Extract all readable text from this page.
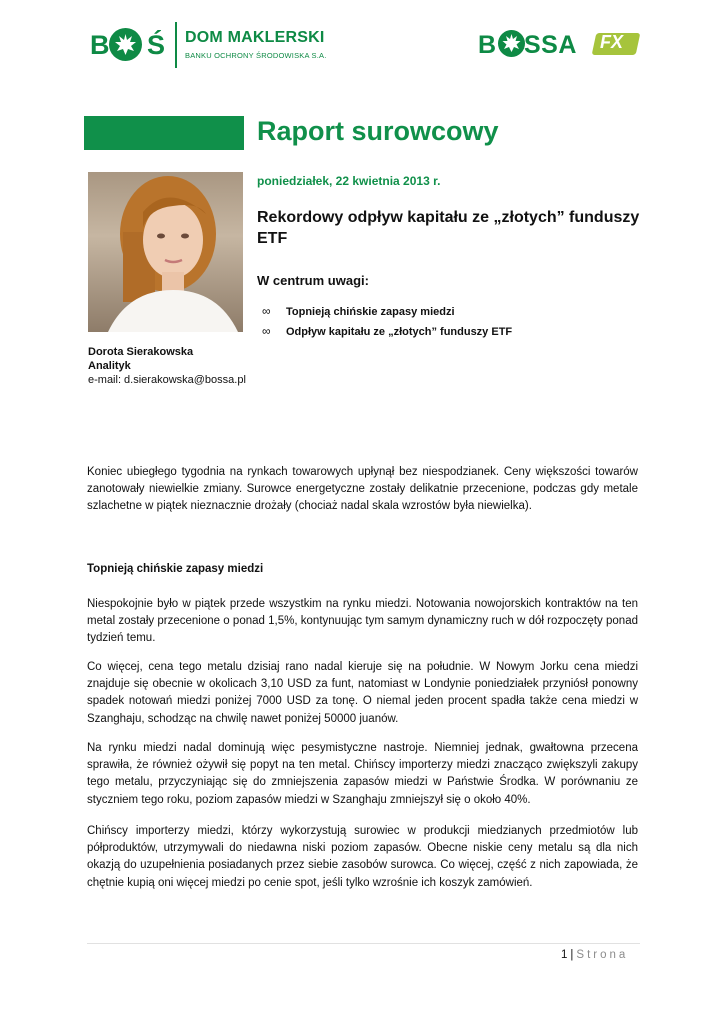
B Ś DOM MAKLERSKI
BANKU OCHRONY ŚRODOWISKA S.A.	B SSA FX
Raport surowcowy
poniedziałek, 22 kwietnia 2013 r.
Rekordowy odpływ kapitału ze „złotych” funduszy ETF
W centrum uwagi:
∞ Topnieją chińskie zapasy miedzi
∞ Odpływ kapitału ze „złotych” funduszy ETF
Dorota Sierakowska
Analityk
e-mail: d.sierakowska@bossa.pl

Koniec ubiegłego tygodnia na rynkach towarowych upłynął bez niespodzianek. Ceny większości towarów zanotowały niewielkie zmiany. Surowce energetyczne zostały delikatnie przecenione, podczas gdy metale szlachetne w piątek nieznacznie drożały (chociaż nadal skala wzrostów była niewielka).

Topnieją chińskie zapasy miedzi

Niespokojnie było w piątek przede wszystkim na rynku miedzi. Notowania nowojorskich kontraktów na ten metal zostały przecenione o ponad 1,5%, kontynuując tym samym dynamiczny ruch w dół rozpoczęty ponad tydzień temu.

Co więcej, cena tego metalu dzisiaj rano nadal kieruje się na południe. W Nowym Jorku cena miedzi znajduje się obecnie w okolicach 3,10 USD za funt, natomiast w Londynie poniedziałek przyniósł ponowny spadek notowań miedzi poniżej 7000 USD za tonę. O niemal jeden procent spadła także cena miedzi w Szanghaju, schodząc na chwilę nawet poniżej 50000 juanów.

Na rynku miedzi nadal dominują więc pesymistyczne nastroje. Niemniej jednak, gwałtowna przecena sprawiła, że również ożywił się popyt na ten metal. Chińscy importerzy miedzi znacząco zwiększyli zakupy tego metalu, przyczyniając się do zmniejszenia zapasów miedzi w Państwie Środka. W porównaniu ze styczniem tego roku, poziom zapasów miedzi w Szanghaju zmniejszył się o około 40%.

Chińscy importerzy miedzi, którzy wykorzystują surowiec w produkcji miedzianych przedmiotów lub półproduktów, utrzymywali do niedawna niski poziom zapasów. Obecne niskie ceny metalu są dla nich okazją do uzupełnienia posiadanych przez siebie zasobów surowca. Co więcej, część z nich zapowiada, że chętnie kupią oni więcej miedzi po cenie spot, jeśli tylko wzrośnie ich koszyk zamówień.

1 | Strona
